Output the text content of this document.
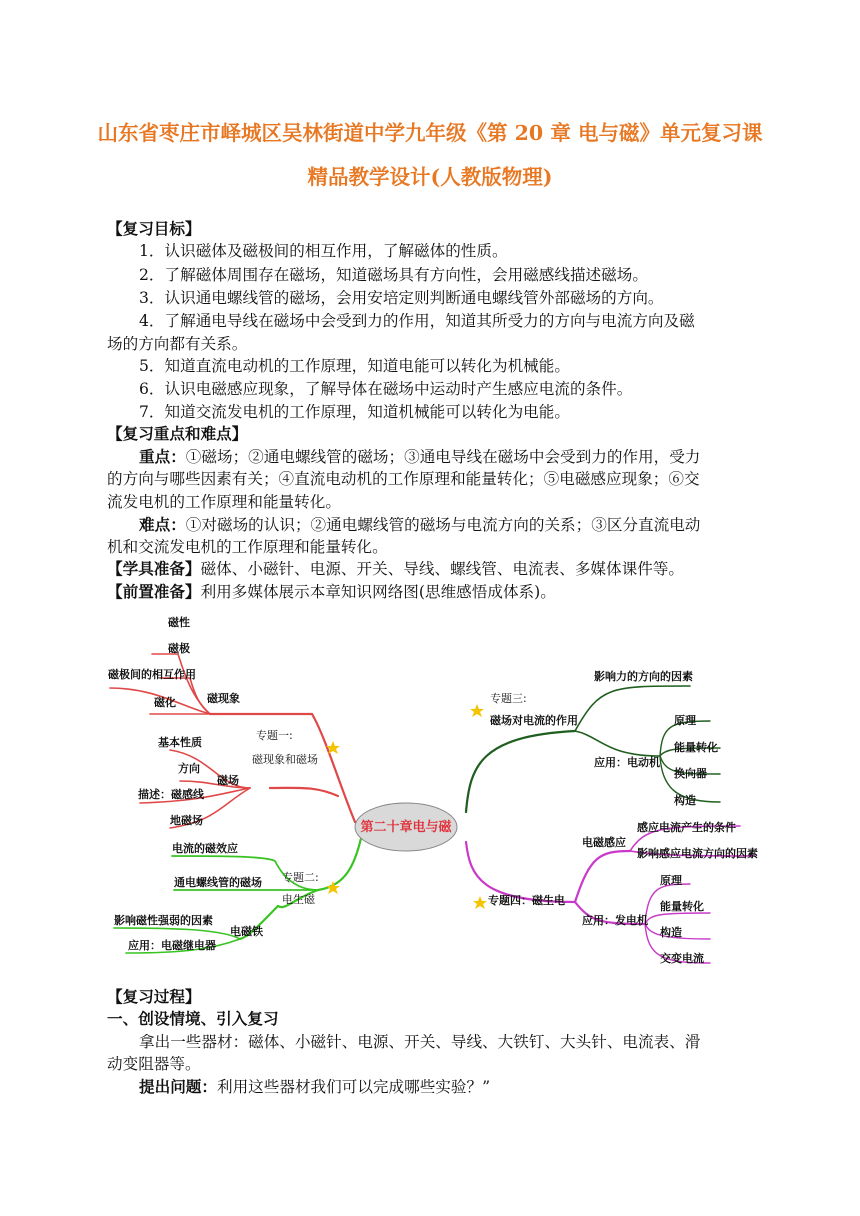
山东省枣庄市峄城区吴林街道中学九年级《第 20 章 电与磁》单元复习课
精品教学设计(人教版物理)
【复习目标】
1．认识磁体及磁极间的相互作用，了解磁体的性质。
2．了解磁体周围存在磁场，知道磁场具有方向性，会用磁感线描述磁场。
3．认识通电螺线管的磁场，会用安培定则判断通电螺线管外部磁场的方向。
4．了解通电导线在磁场中会受到力的作用，知道其所受力的方向与电流方向及磁
场的方向都有关系。
5．知道直流电动机的工作原理，知道电能可以转化为机械能。
6．认识电磁感应现象，了解导体在磁场中运动时产生感应电流的条件。
7．知道交流发电机的工作原理，知道机械能可以转化为电能。
【复习重点和难点】
重点：①磁场；②通电螺线管的磁场；③通电导线在磁场中会受到力的作用，受力
的方向与哪些因素有关；④直流电动机的工作原理和能量转化；⑤电磁感应现象；⑥交
流发电机的工作原理和能量转化。
难点：①对磁场的认识；②通电螺线管的磁场与电流方向的关系；③区分直流电动
机和交流发电机的工作原理和能量转化。
【学具准备】磁体、小磁针、电源、开关、导线、螺线管、电流表、多媒体课件等。
【前置准备】利用多媒体展示本章知识网络图(思维感悟成体系)。
第二十章电与磁
专题一:
磁现象和磁场
磁现象
磁性
磁极
磁极间的相互作用
磁化
磁场
基本性质
方向
描述：磁感线
地磁场
专题二:
电生磁
电流的磁效应
通电螺线管的磁场
电磁铁
影响磁性强弱的因素
应用：电磁继电器
专题三:
磁场对电流的作用
影响力的方向的因素
应用：电动机
原理
能量转化
换向器
构造
专题四：磁生电
电磁感应
感应电流产生的条件
影响感应电流方向的因素
应用：发电机
原理
能量转化
构造
交变电流
【复习过程】
一、创设情境、引入复习
拿出一些器材：磁体、小磁针、电源、开关、导线、大铁钉、大头针、电流表、滑
动变阻器等。
提出问题：利用这些器材我们可以完成哪些实验？”
